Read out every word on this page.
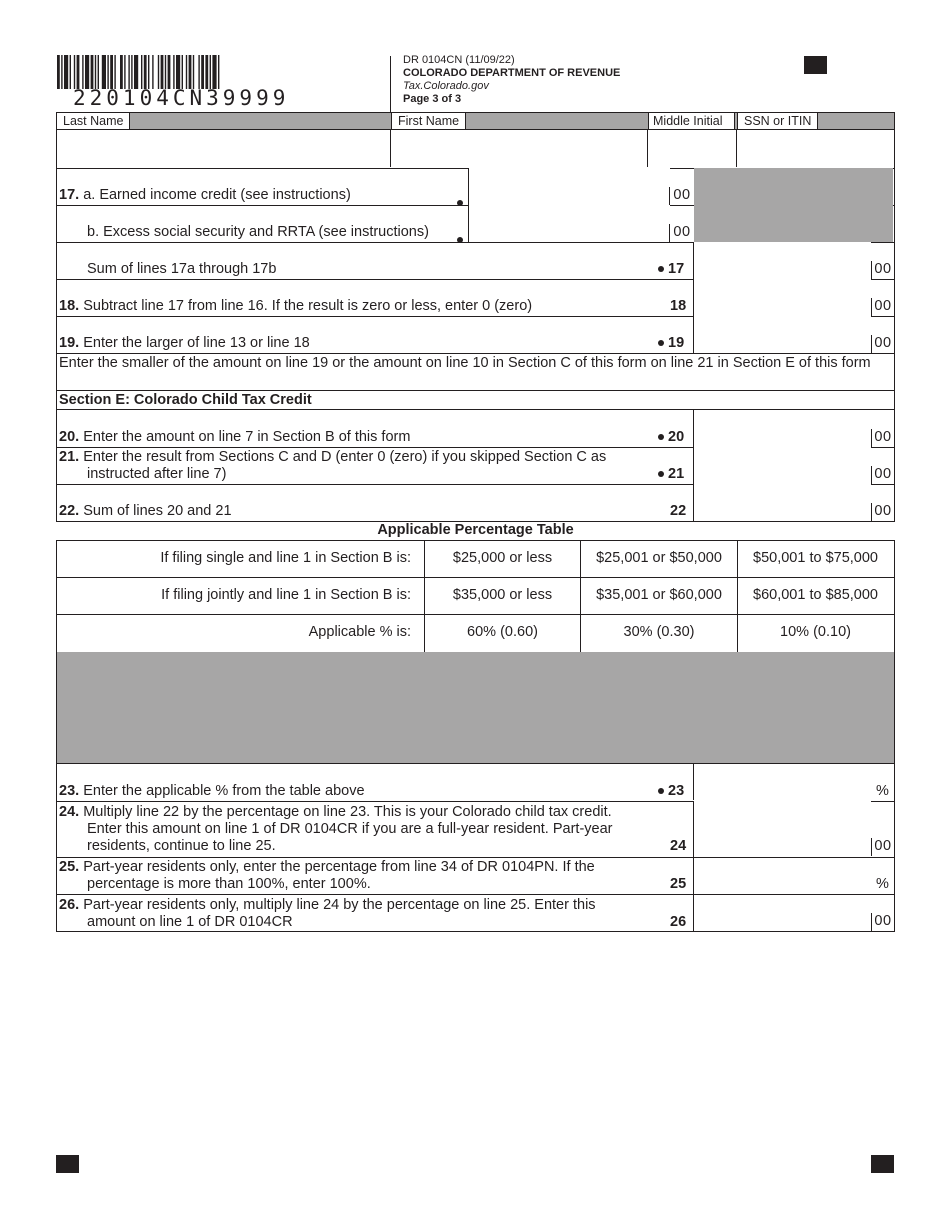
220104CN39999
DR 0104CN (11/09/22)
COLORADO DEPARTMENT OF REVENUE
Tax.Colorado.gov
Page 3 of 3
Last Name	First Name	Middle Initial	SSN or ITIN
17. a. Earned income credit (see instructions)	00
b. Excess social security and RRTA (see instructions)	00
Sum of lines 17a through 17b	17	00
18. Subtract line 17 from line 16. If the result is zero or less, enter 0 (zero)	18	00
19. Enter the larger of line 13 or line 18	19	00
Enter the smaller of the amount on line 19 or the amount on line 10 in Section C of this form on line 21 in Section E of this form
Section E: Colorado Child Tax Credit
20. Enter the amount on line 7 in Section B of this form	20	00
21. Enter the result from Sections C and D (enter 0 (zero) if you skipped Section C as
instructed after line 7)	21	00
22. Sum of lines 20 and 21	22	00
Applicable Percentage Table
If filing single and line 1 in Section B is:	$25,000 or less	$25,001 or $50,000	$50,001 to $75,000
If filing jointly and line 1 in Section B is:	$35,000 or less	$35,001 or $60,000	$60,001 to $85,000
Applicable % is:	60% (0.60)	30% (0.30)	10% (0.10)
23. Enter the applicable % from the table above	23	%
24. Multiply line 22 by the percentage on line 23. This is your Colorado child tax credit.
Enter this amount on line 1 of DR 0104CR if you are a full-year resident. Part-year
residents, continue to line 25.	24	00
25. Part-year residents only, enter the percentage from line 34 of DR 0104PN. If the
percentage is more than 100%, enter 100%.	25	%
26. Part-year residents only, multiply line 24 by the percentage on line 25. Enter this
amount on line 1 of DR 0104CR	26	00
